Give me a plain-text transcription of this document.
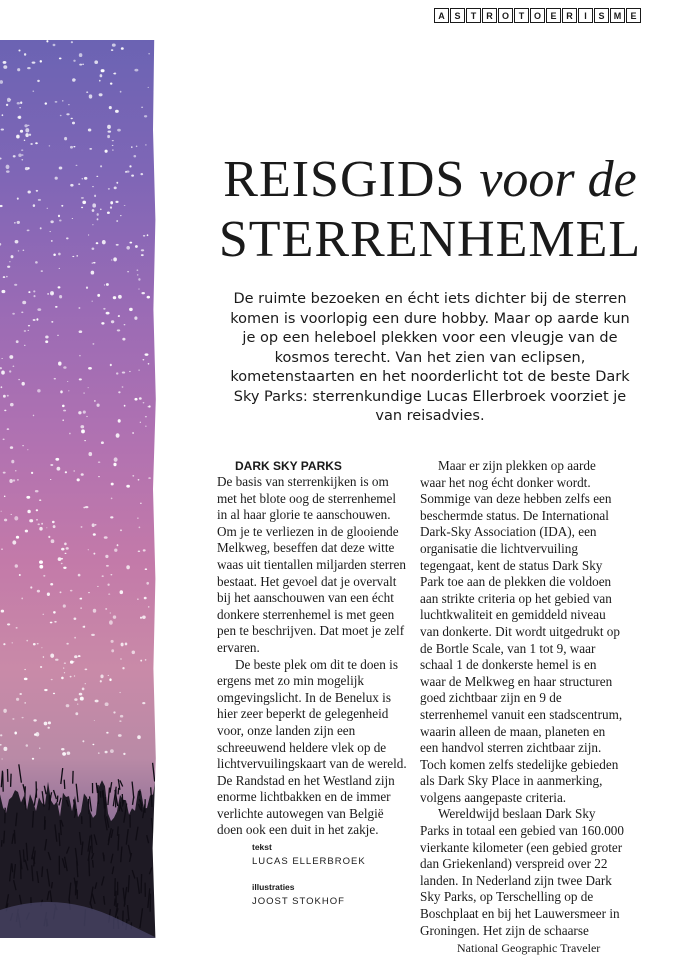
A	S	T	R	O	T	O	E	R	I	S	M	E
REISGIDS voor de
STERRENHEMEL
De ruimte bezoeken en écht iets dichter bij de sterren komen is voorlopig een dure hobby. Maar op aarde kun je op een heleboel plekken voor een vleugje van de kosmos terecht. Van het zien van eclipsen, kometenstaarten en het noorderlicht tot de beste Dark Sky Parks: sterrenkundige Lucas Ellerbroek voorziet je van reisadvies.
DARK SKY PARKS

De basis van sterrenkijken is om met het blote oog de sterrenhemel in al haar glorie te aanschouwen. Om je te verliezen in de glooiende Melkweg, beseffen dat deze witte waas uit tientallen miljarden sterren bestaat. Het gevoel dat je overvalt bij het aanschouwen van een écht donkere sterrenhemel is met geen pen te beschrijven. Dat moet je zelf ervaren.

De beste plek om dit te doen is ergens met zo min mogelijk omgevingslicht. In de Benelux is hier zeer beperkt de gelegenheid voor, onze landen zijn een schreeuwend heldere vlek op de lichtvervuilingskaart van de wereld. De Randstad en het Westland zijn enorme lichtbakken en de immer verlichte autowegen van België doen ook een duit in het zakje.

tekst
LUCAS ELLERBROEK
illustraties
JOOST STOKHOF

Maar er zijn plekken op aarde waar het nog écht donker wordt. Sommige van deze hebben zelfs een beschermde status. De International Dark-Sky Association (IDA), een organisatie die lichtvervuiling tegengaat, kent de status Dark Sky Park toe aan de plekken die voldoen aan strikte criteria op het gebied van luchtkwaliteit en gemiddeld niveau van donkerte. Dit wordt uitgedrukt op de Bortle Scale, van 1 tot 9, waar schaal 1 de donkerste hemel is en waar de Melkweg en haar structuren goed zichtbaar zijn en 9 de sterrenhemel vanuit een stadscentrum, waarin alleen de maan, planeten en een handvol sterren zichtbaar zijn. Toch komen zelfs stedelijke gebieden als Dark Sky Place in aanmerking, volgens aangepaste criteria.

Wereldwijd beslaan Dark Sky Parks in totaal een gebied van 160.000 vierkante kilometer (een gebied groter dan Griekenland) verspreid over 22 landen. In Nederland zijn twee Dark Sky Parks, op Terschelling op de Boschplaat en bij het Lauwersmeer in Groningen. Het zijn de schaarse

National Geographic Traveler
